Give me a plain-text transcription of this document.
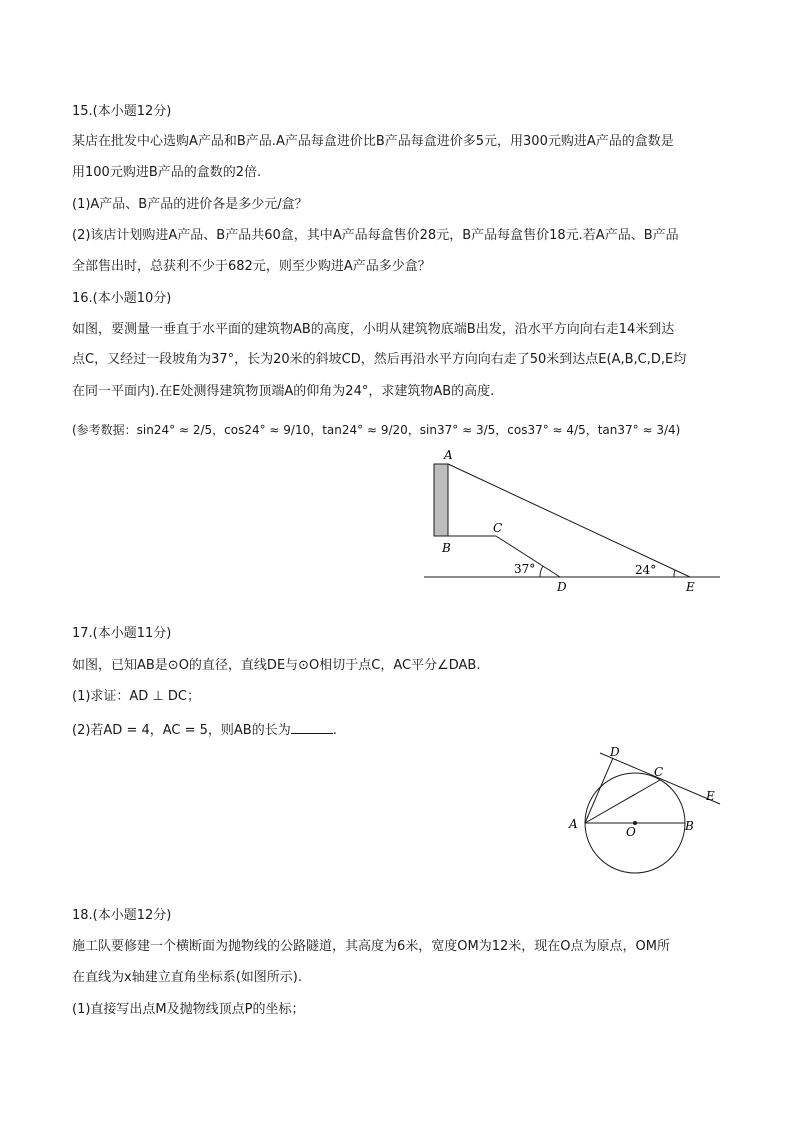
15.(本小题12分)
某店在批发中心选购A产品和B产品.A产品每盒进价比B产品每盒进价多5元，用300元购进A产品的盒数是
用100元购进B产品的盒数的2倍.
(1)A产品、B产品的进价各是多少元/盒？
(2)该店计划购进A产品、B产品共60盒，其中A产品每盒售价28元，B产品每盒售价18元.若A产品、B产品
全部售出时，总获利不少于682元，则至少购进A产品多少盒？
16.(本小题10分)
如图，要测量一垂直于水平面的建筑物AB的高度，小明从建筑物底端B出发，沿水平方向向右走14米到达
点C，又经过一段坡角为37°，长为20米的斜坡CD，然后再沿水平方向向右走了50米到达点E(A,B,C,D,E均
在同一平面内).在E处测得建筑物顶端A的仰角为24°，求建筑物AB的高度.
(参考数据：sin24° ≈ 2/5，cos24° ≈ 9/10，tan24° ≈ 9/20，sin37° ≈ 3/5，cos37° ≈ 4/5，tan37° ≈ 3/4)
A
B
C
D	E
37°	24°
17.(本小题11分)
如图，已知AB是⊙O的直径，直线DE与⊙O相切于点C，AC平分∠DAB.
(1)求证：AD ⊥ DC；
(2)若AD = 4，AC = 5，则AB的长为	.
D
C
E
A
O	B
18.(本小题12分)
施工队要修建一个横断面为抛物线的公路隧道，其高度为6米，宽度OM为12米，现在O点为原点，OM所
在直线为x轴建立直角坐标系(如图所示).
(1)直接写出点M及抛物线顶点P的坐标；
